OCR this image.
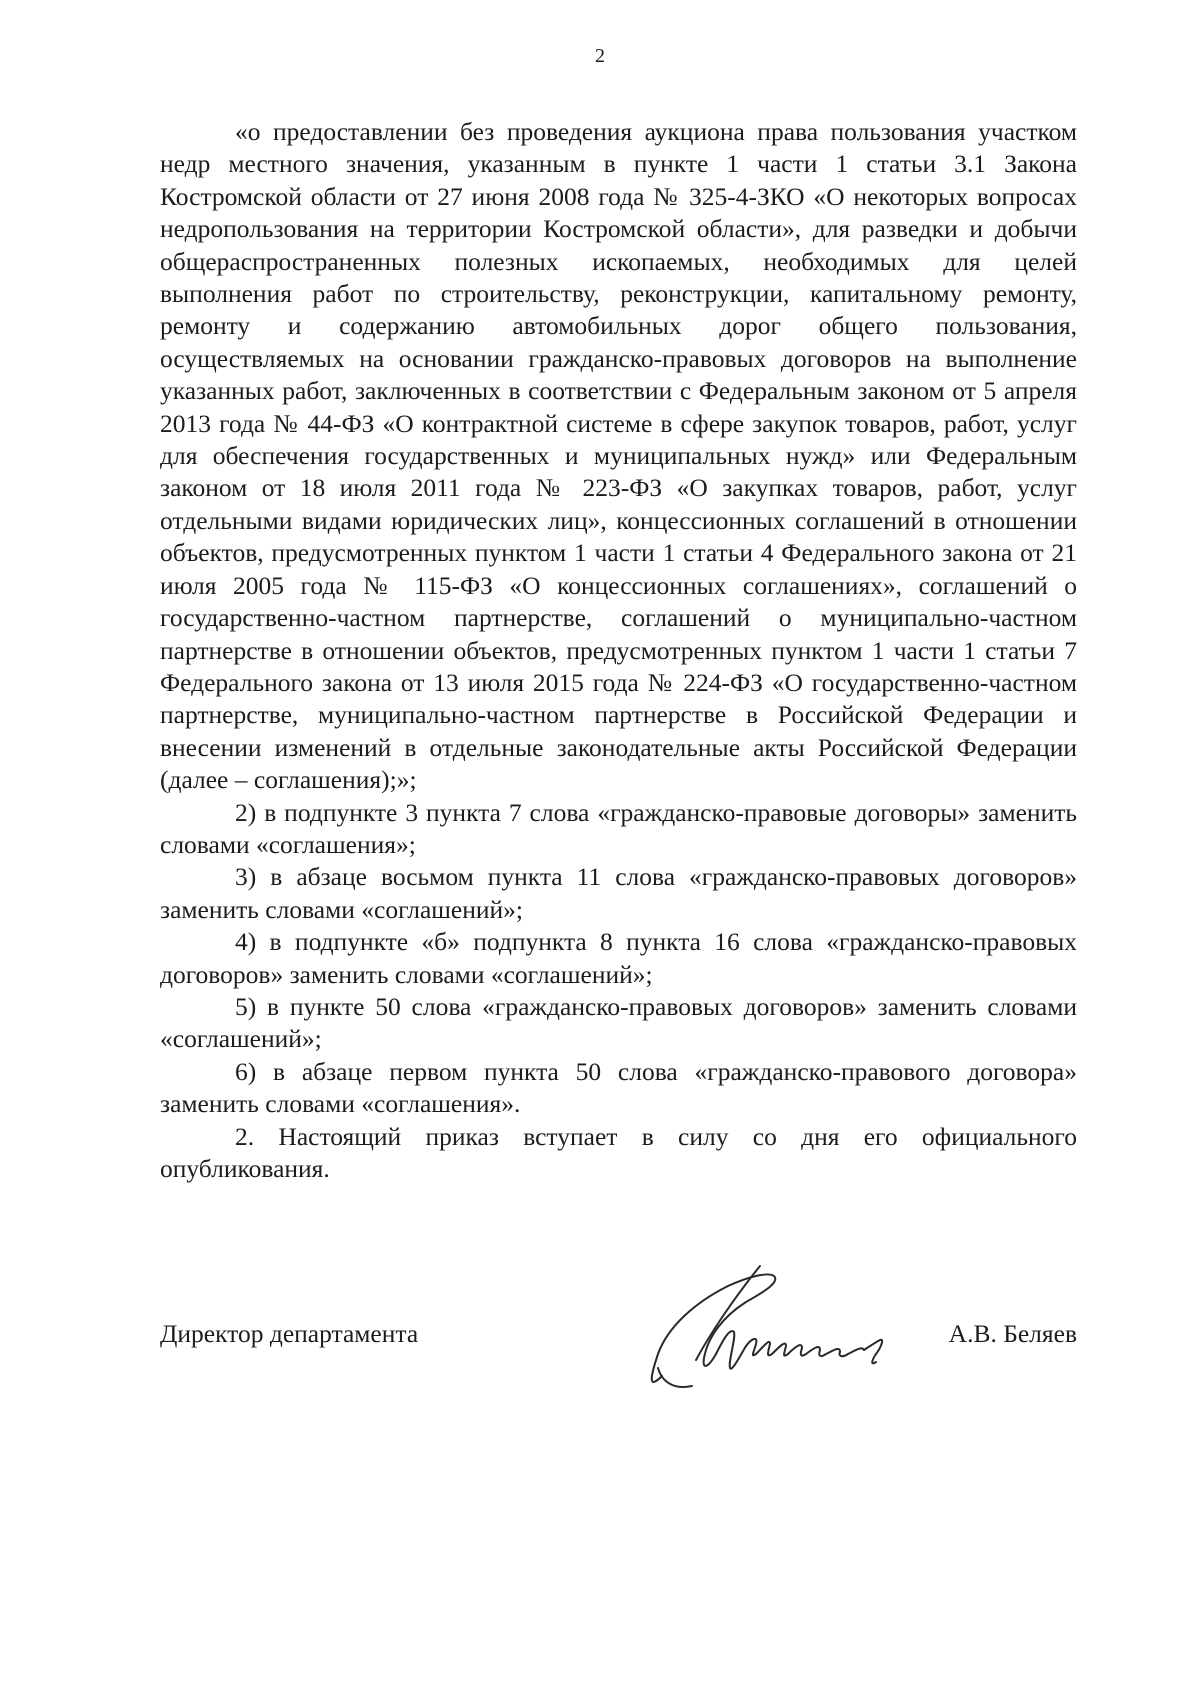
2

«о предоставлении без проведения аукциона права пользования участком недр местного значения, указанным в пункте 1 части 1 статьи 3.1 Закона Костромской области от 27 июня 2008 года № 325-4-ЗКО «О некоторых вопросах недропользования на территории Костромской области», для разведки и добычи общераспространенных полезных ископаемых, необходимых для целей выполнения работ по строительству, реконструкции, капитальному ремонту, ремонту и содержанию автомобильных дорог общего пользования, осуществляемых на основании гражданско-правовых договоров на выполнение указанных работ, заключенных в соответствии с Федеральным законом от 5 апреля 2013 года № 44-ФЗ «О контрактной системе в сфере закупок товаров, работ, услуг для обеспечения государственных и муниципальных нужд» или Федеральным законом от 18 июля 2011 года № 223-ФЗ «О закупках товаров, работ, услуг отдельными видами юридических лиц», концессионных соглашений в отношении объектов, предусмотренных пунктом 1 части 1 статьи 4 Федерального закона от 21 июля 2005 года № 115-ФЗ «О концессионных соглашениях», соглашений о государственно-частном партнерстве, соглашений о муниципально-частном партнерстве в отношении объектов, предусмотренных пунктом 1 части 1 статьи 7 Федерального закона от 13 июля 2015 года № 224-ФЗ «О государственно-частном партнерстве, муниципально-частном партнерстве в Российской Федерации и внесении изменений в отдельные законодательные акты Российской Федерации (далее – соглашения);»;

2) в подпункте 3 пункта 7 слова «гражданско-правовые договоры» заменить словами «соглашения»;

3) в абзаце восьмом пункта 11 слова «гражданско-правовых договоров» заменить словами «соглашений»;

4) в подпункте «б» подпункта 8 пункта 16 слова «гражданско-правовых договоров» заменить словами «соглашений»;

5) в пункте 50 слова «гражданско-правовых договоров» заменить словами «соглашений»;

6) в абзаце первом пункта 50 слова «гражданско-правового договора» заменить словами «соглашения».

2. Настоящий приказ вступает в силу со дня его официального опубликования.

Директор департамента	А.В. Беляев
